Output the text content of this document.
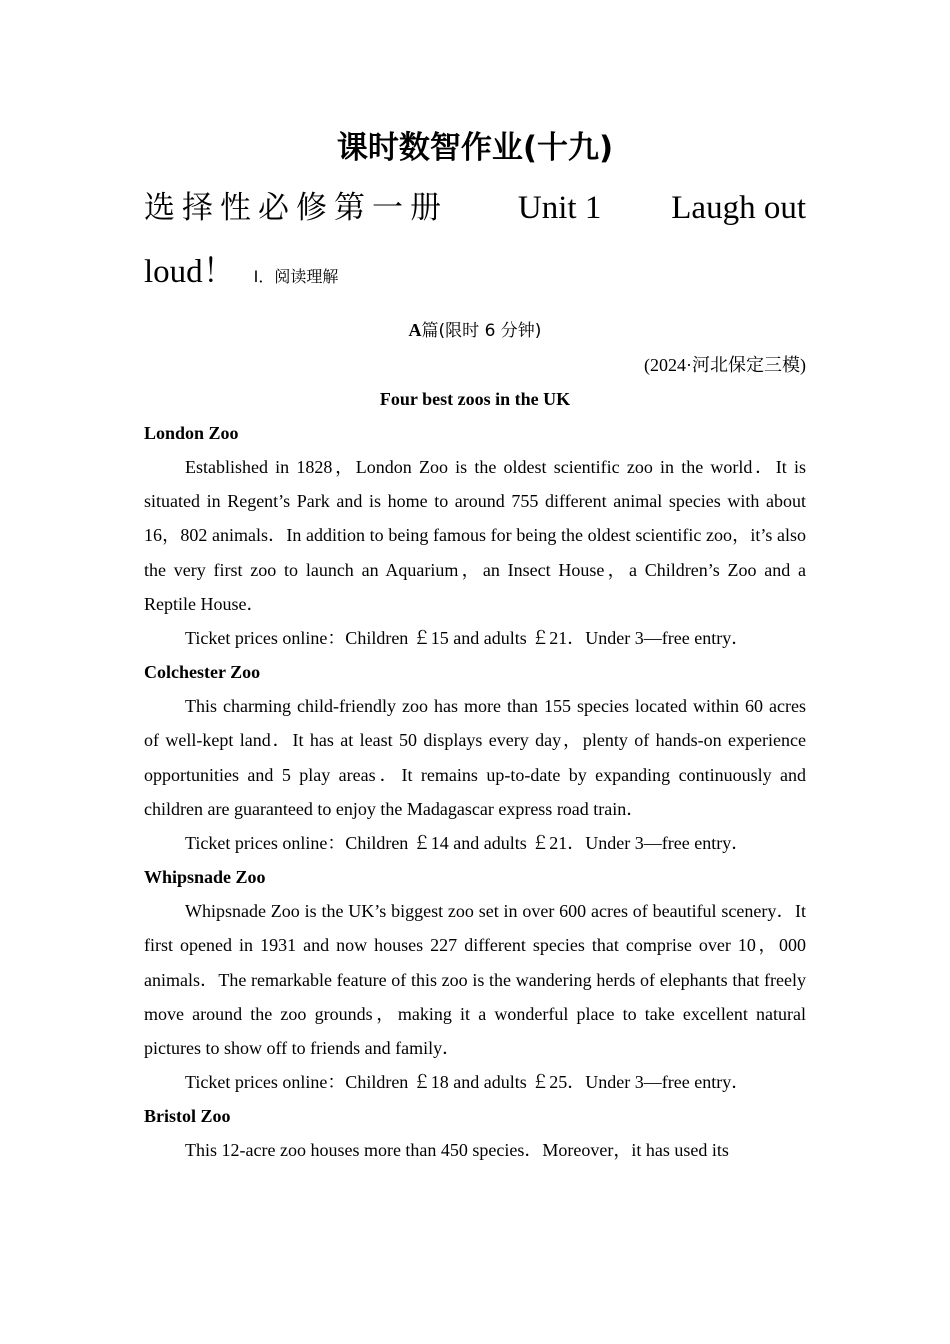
课时数智作业(十九)
选择性必修第一册 Unit 1 Laugh out
loud！ Ⅰ．阅读理解
A篇(限时 6 分钟)
(2024·河北保定三模)
Four best zoos in the UK
London Zoo

Established in 1828，London Zoo is the oldest scientific zoo in the world．It is situated in Regent’s Park and is home to around 755 different animal species with about 16，802 animals．In addition to being famous for being the oldest scientific zoo，it’s also the very first zoo to launch an Aquarium，an Insect House，a Children’s Zoo and a Reptile House．

Ticket prices online：Children ￡15 and adults ￡21．Under 3—free entry．

Colchester Zoo

This charming child-friendly zoo has more than 155 species located within 60 acres of well-kept land．It has at least 50 displays every day，plenty of hands-on experience opportunities and 5 play areas．It remains up-to-date by expanding continuously and children are guaranteed to enjoy the Madagascar express road train．

Ticket prices online：Children ￡14 and adults ￡21．Under 3—free entry．

Whipsnade Zoo

Whipsnade Zoo is the UK’s biggest zoo set in over 600 acres of beautiful scenery．It first opened in 1931 and now houses 227 different species that comprise over 10，000 animals．The remarkable feature of this zoo is the wandering herds of elephants that freely move around the zoo grounds，making it a wonderful place to take excellent natural pictures to show off to friends and family．

Ticket prices online：Children ￡18 and adults ￡25．Under 3—free entry．

Bristol Zoo

This 12-acre zoo houses more than 450 species．Moreover，it has used its
